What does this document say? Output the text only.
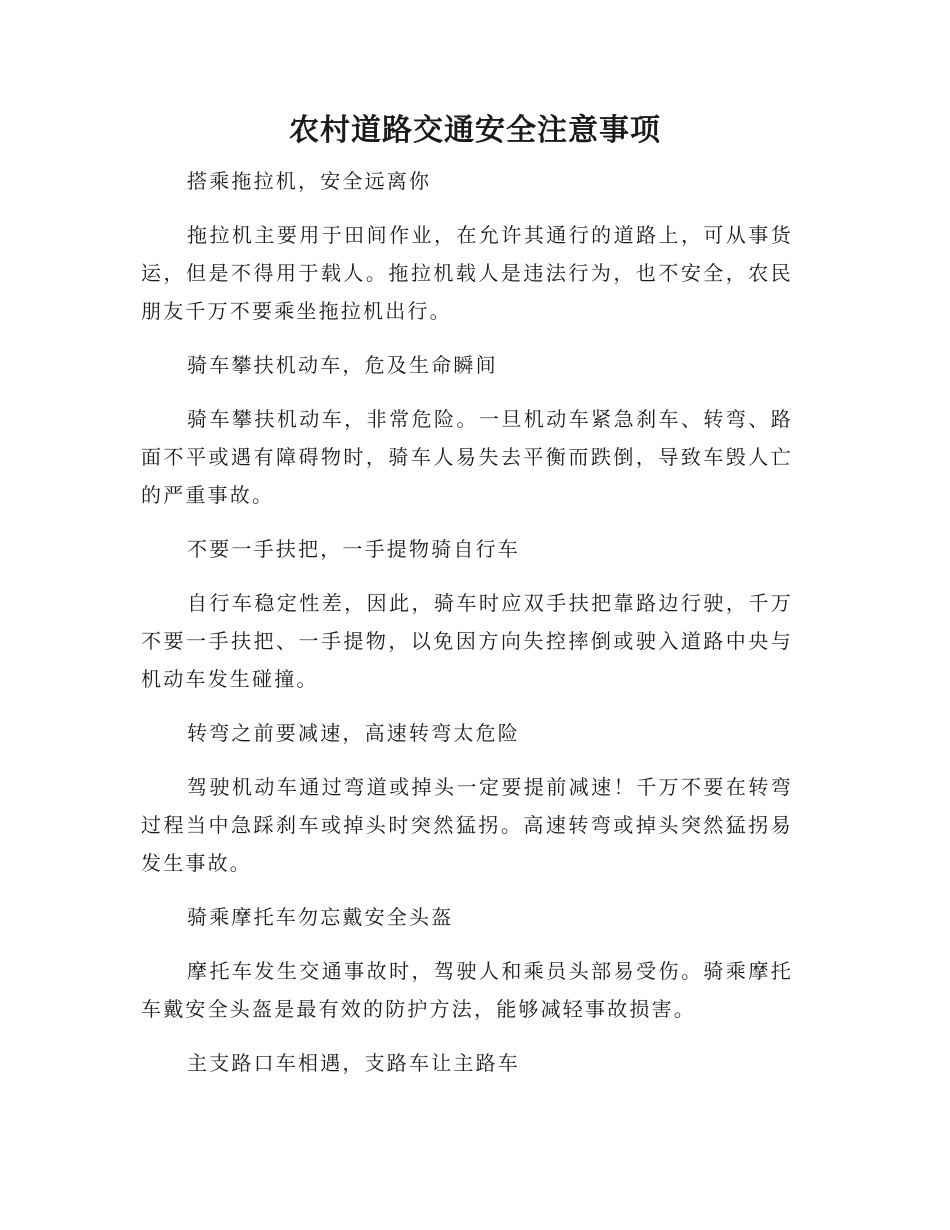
农村道路交通安全注意事项

搭乘拖拉机，安全远离你

拖拉机主要用于田间作业，在允许其通行的道路上，可从事货运，但是不得用于载人。拖拉机载人是违法行为，也不安全，农民朋友千万不要乘坐拖拉机出行。

骑车攀扶机动车，危及生命瞬间

骑车攀扶机动车，非常危险。一旦机动车紧急刹车、转弯、路面不平或遇有障碍物时，骑车人易失去平衡而跌倒，导致车毁人亡的严重事故。

不要一手扶把，一手提物骑自行车

自行车稳定性差，因此，骑车时应双手扶把靠路边行驶，千万不要一手扶把、一手提物，以免因方向失控摔倒或驶入道路中央与机动车发生碰撞。

转弯之前要减速，高速转弯太危险

驾驶机动车通过弯道或掉头一定要提前减速！千万不要在转弯过程当中急踩刹车或掉头时突然猛拐。高速转弯或掉头突然猛拐易发生事故。

骑乘摩托车勿忘戴安全头盔

摩托车发生交通事故时，驾驶人和乘员头部易受伤。骑乘摩托车戴安全头盔是最有效的防护方法，能够减轻事故损害。

主支路口车相遇，支路车让主路车
